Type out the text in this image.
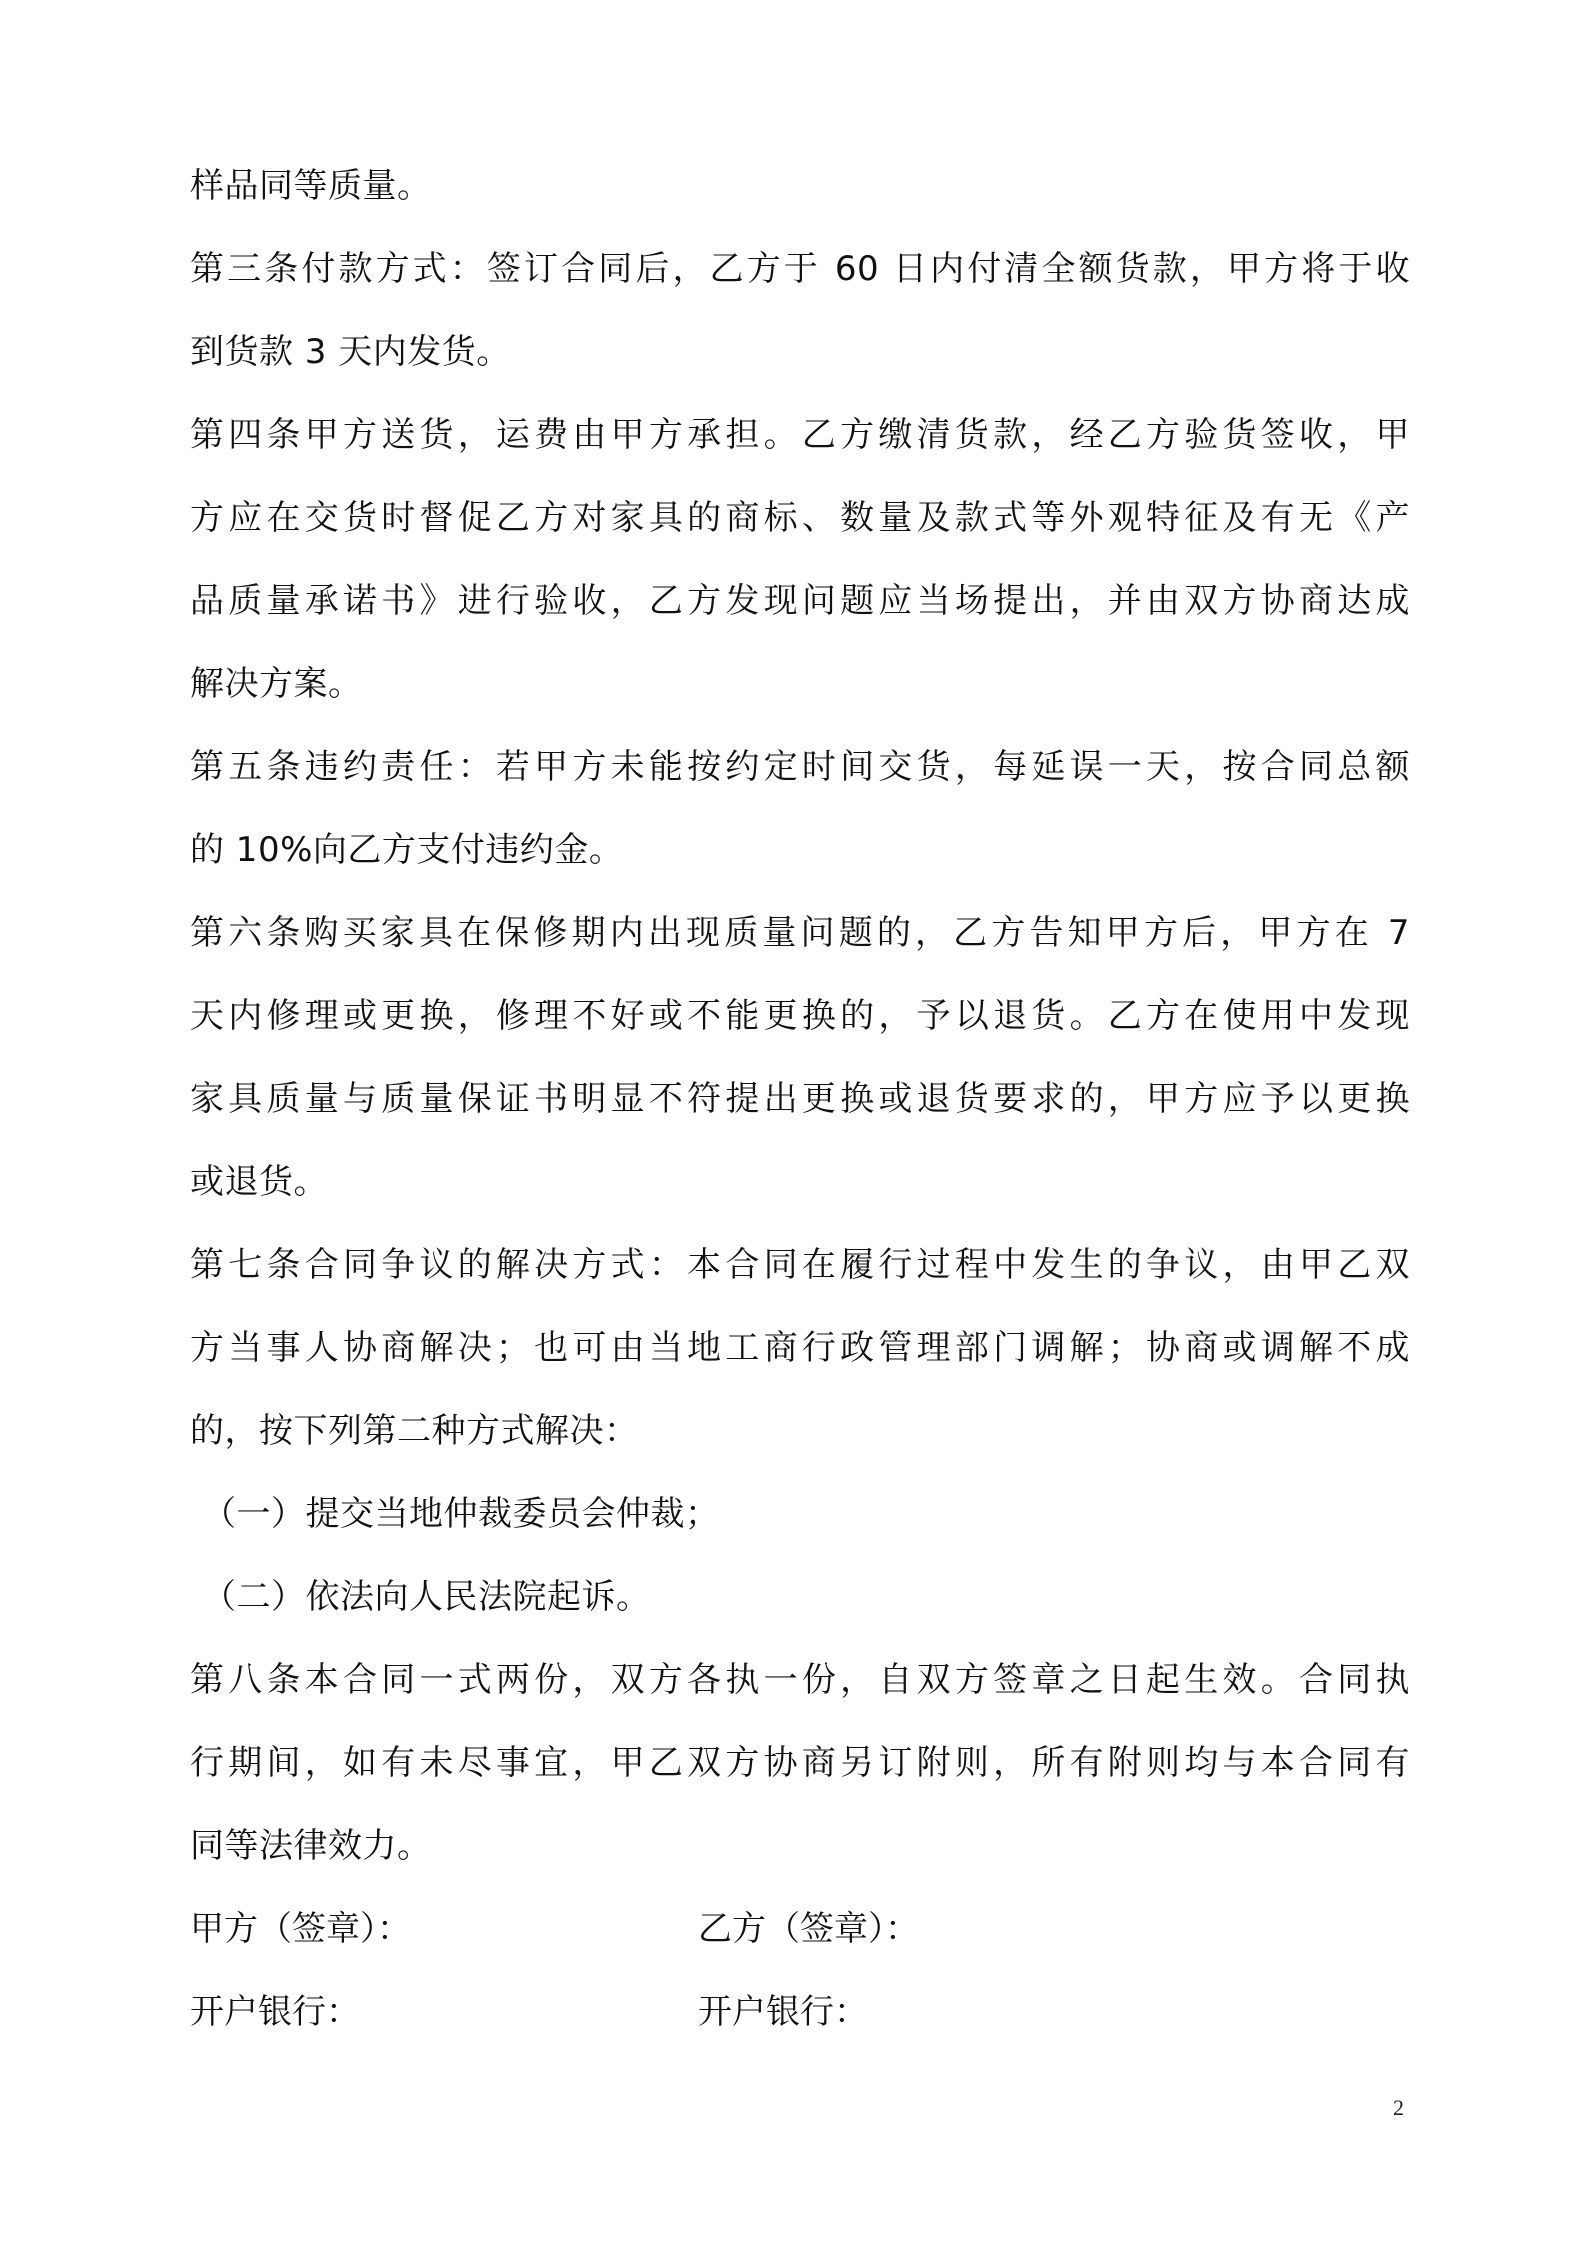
样品同等质量。
第三条付款方式：签订合同后，乙方于 60 日内付清全额货款，甲方将于收
到货款 3 天内发货。
第四条甲方送货，运费由甲方承担。乙方缴清货款，经乙方验货签收，甲
方应在交货时督促乙方对家具的商标、数量及款式等外观特征及有无《产
品质量承诺书》进行验收，乙方发现问题应当场提出，并由双方协商达成
解决方案。
第五条违约责任：若甲方未能按约定时间交货，每延误一天，按合同总额
的 10%向乙方支付违约金。
第六条购买家具在保修期内出现质量问题的，乙方告知甲方后，甲方在 7
天内修理或更换，修理不好或不能更换的，予以退货。乙方在使用中发现
家具质量与质量保证书明显不符提出更换或退货要求的，甲方应予以更换
或退货。
第七条合同争议的解决方式：本合同在履行过程中发生的争议，由甲乙双
方当事人协商解决；也可由当地工商行政管理部门调解；协商或调解不成
的，按下列第二种方式解决：
（一）提交当地仲裁委员会仲裁；
（二）依法向人民法院起诉。
第八条本合同一式两份，双方各执一份，自双方签章之日起生效。合同执
行期间，如有未尽事宜，甲乙双方协商另订附则，所有附则均与本合同有
同等法律效力。
甲方（签章）：	乙方（签章）：
开户银行：	开户银行：
2
